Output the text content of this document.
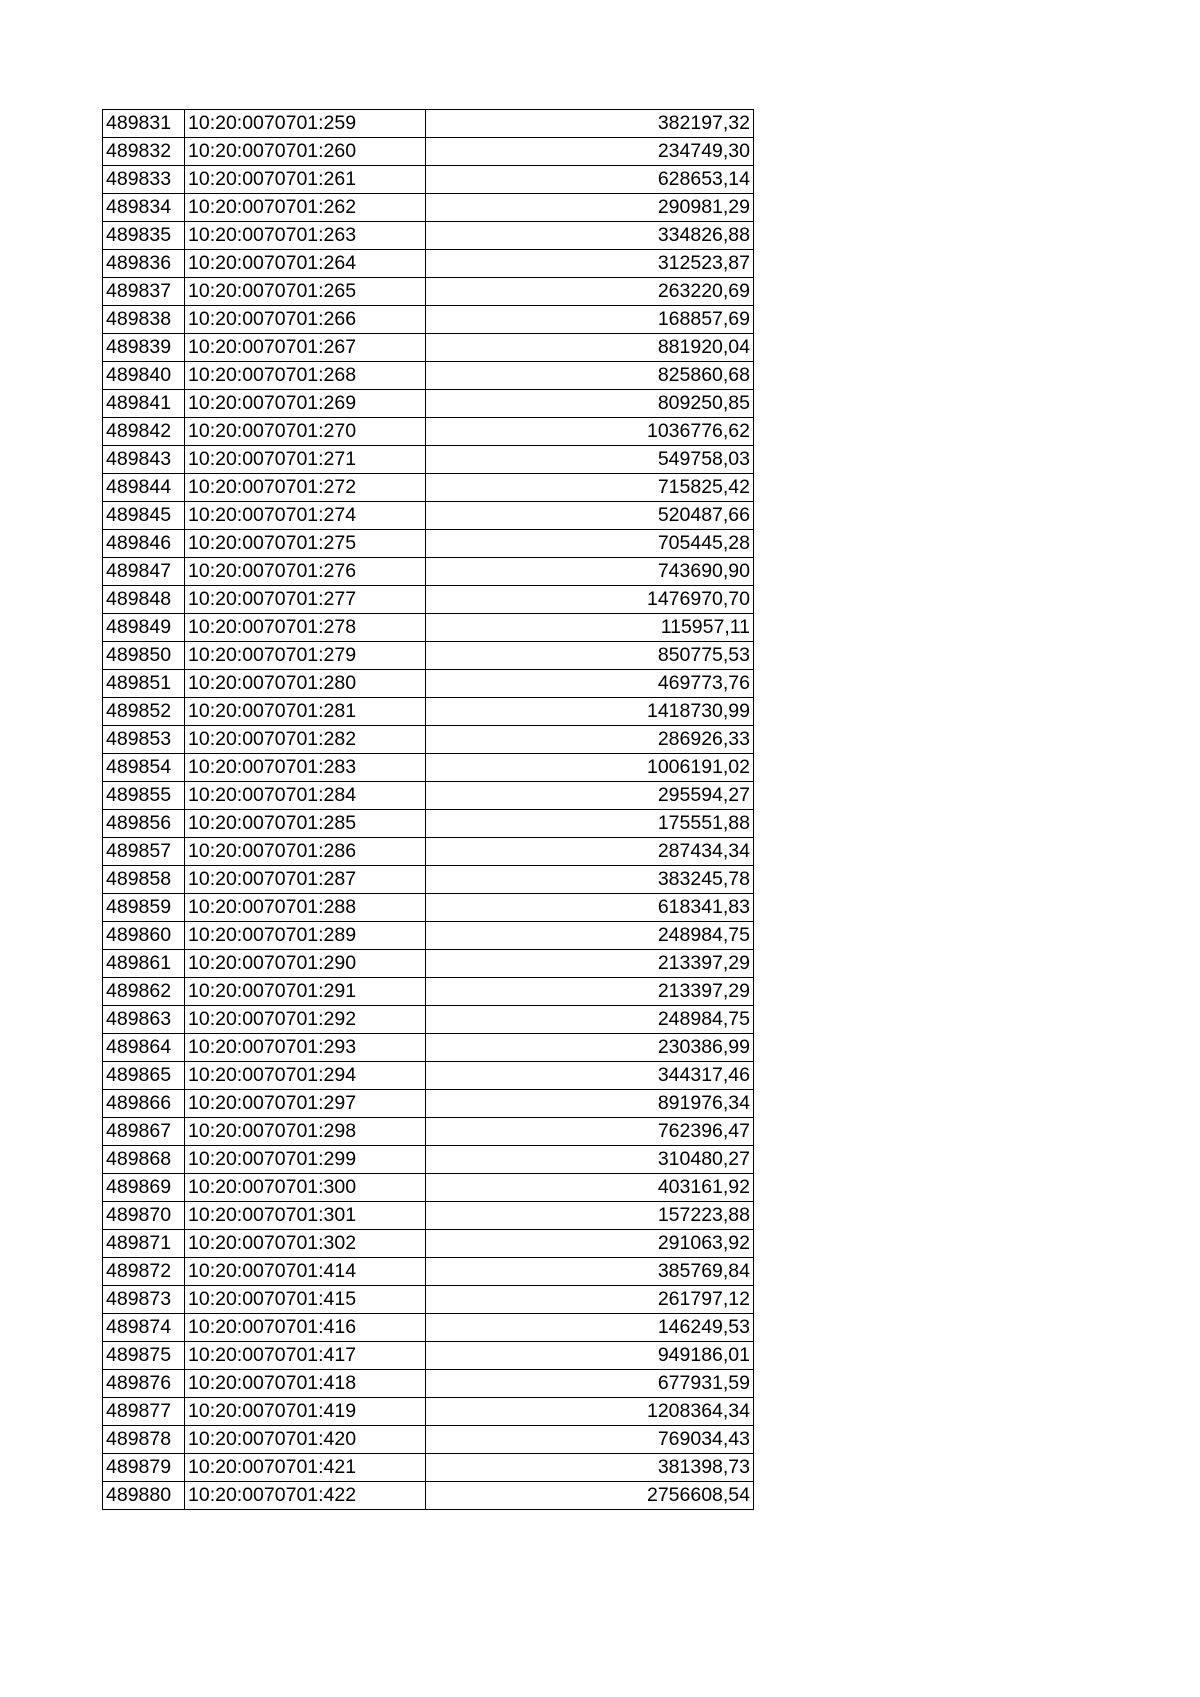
489831	10:20:0070701:259	382197,32
489832	10:20:0070701:260	234749,30
489833	10:20:0070701:261	628653,14
489834	10:20:0070701:262	290981,29
489835	10:20:0070701:263	334826,88
489836	10:20:0070701:264	312523,87
489837	10:20:0070701:265	263220,69
489838	10:20:0070701:266	168857,69
489839	10:20:0070701:267	881920,04
489840	10:20:0070701:268	825860,68
489841	10:20:0070701:269	809250,85
489842	10:20:0070701:270	1036776,62
489843	10:20:0070701:271	549758,03
489844	10:20:0070701:272	715825,42
489845	10:20:0070701:274	520487,66
489846	10:20:0070701:275	705445,28
489847	10:20:0070701:276	743690,90
489848	10:20:0070701:277	1476970,70
489849	10:20:0070701:278	115957,11
489850	10:20:0070701:279	850775,53
489851	10:20:0070701:280	469773,76
489852	10:20:0070701:281	1418730,99
489853	10:20:0070701:282	286926,33
489854	10:20:0070701:283	1006191,02
489855	10:20:0070701:284	295594,27
489856	10:20:0070701:285	175551,88
489857	10:20:0070701:286	287434,34
489858	10:20:0070701:287	383245,78
489859	10:20:0070701:288	618341,83
489860	10:20:0070701:289	248984,75
489861	10:20:0070701:290	213397,29
489862	10:20:0070701:291	213397,29
489863	10:20:0070701:292	248984,75
489864	10:20:0070701:293	230386,99
489865	10:20:0070701:294	344317,46
489866	10:20:0070701:297	891976,34
489867	10:20:0070701:298	762396,47
489868	10:20:0070701:299	310480,27
489869	10:20:0070701:300	403161,92
489870	10:20:0070701:301	157223,88
489871	10:20:0070701:302	291063,92
489872	10:20:0070701:414	385769,84
489873	10:20:0070701:415	261797,12
489874	10:20:0070701:416	146249,53
489875	10:20:0070701:417	949186,01
489876	10:20:0070701:418	677931,59
489877	10:20:0070701:419	1208364,34
489878	10:20:0070701:420	769034,43
489879	10:20:0070701:421	381398,73
489880	10:20:0070701:422	2756608,54
